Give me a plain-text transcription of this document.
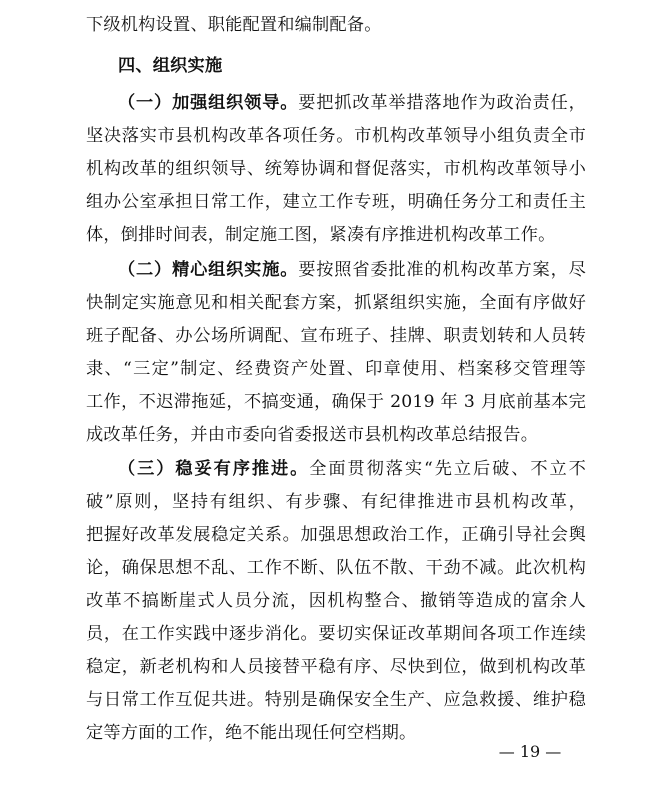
下级机构设置、职能配置和编制配备。
四、组织实施
（一）加强组织领导。要把抓改革举措落地作为政治责任，
坚决落实市县机构改革各项任务。市机构改革领导小组负责全市
机构改革的组织领导、统筹协调和督促落实，市机构改革领导小
组办公室承担日常工作，建立工作专班，明确任务分工和责任主
体，倒排时间表，制定施工图，紧凑有序推进机构改革工作。
（二）精心组织实施。要按照省委批准的机构改革方案，尽
快制定实施意见和相关配套方案，抓紧组织实施，全面有序做好
班子配备、办公场所调配、宣布班子、挂牌、职责划转和人员转
隶、“三定”制定、经费资产处置、印章使用、档案移交管理等
工作，不迟滞拖延，不搞变通，确保于 2019 年 3 月底前基本完
成改革任务，并由市委向省委报送市县机构改革总结报告。
（三）稳妥有序推进。全面贯彻落实“先立后破、不立不
破”原则，坚持有组织、有步骤、有纪律推进市县机构改革，
把握好改革发展稳定关系。加强思想政治工作，正确引导社会舆
论，确保思想不乱、工作不断、队伍不散、干劲不减。此次机构
改革不搞断崖式人员分流，因机构整合、撤销等造成的富余人
员，在工作实践中逐步消化。要切实保证改革期间各项工作连续
稳定，新老机构和人员接替平稳有序、尽快到位，做到机构改革
与日常工作互促共进。特别是确保安全生产、应急救援、维护稳
定等方面的工作，绝不能出现任何空档期。
— 19 —
